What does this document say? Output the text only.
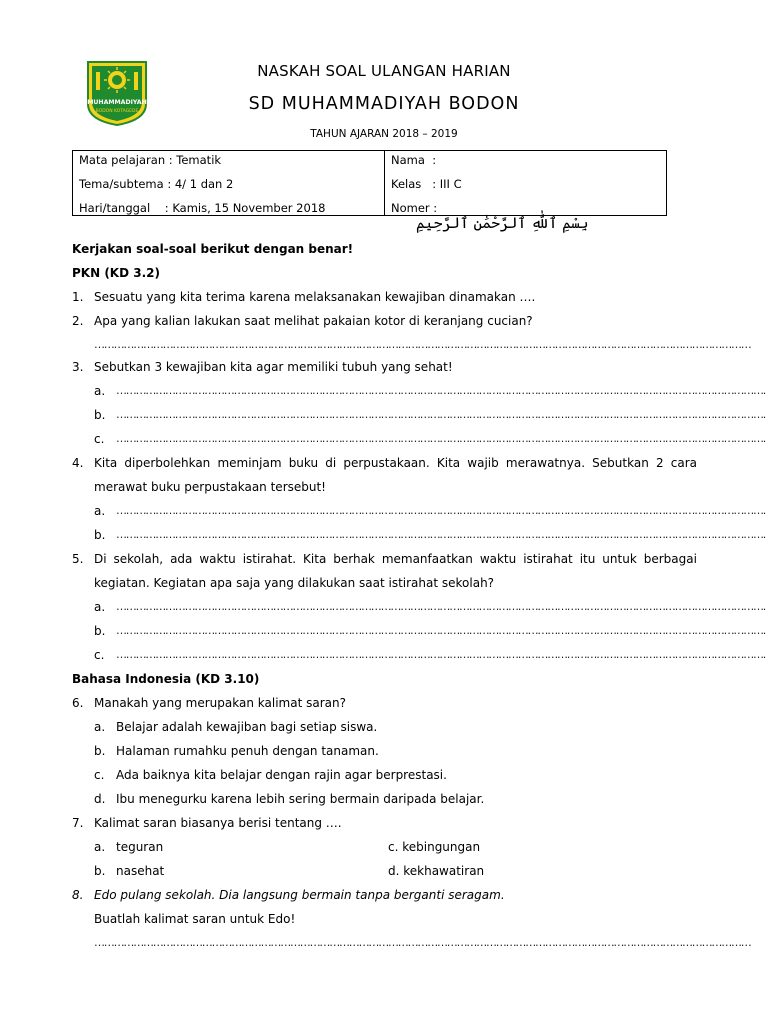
MUHAMMADIYAH
BODON KOTAGEDE
NASKAH SOAL ULANGAN HARIAN
SD MUHAMMADIYAH BODON
TAHUN AJARAN 2018 – 2019
Mata pelajaran : Tematik
Tema/subtema : 4/ 1 dan 2
Hari/tanggal    : Kamis, 15 November 2018
Nama  :
Kelas   : III C
Nomer :
بِسْمِ ٱللَّٰهِ ٱلرَّحْمَٰنِ ٱلرَّحِيمِ
Kerjakan soal-soal berikut dengan benar!
PKN (KD 3.2)
1. Sesuatu yang kita terima karena melaksanakan kewajiban dinamakan ….
2. Apa yang kalian lakukan saat melihat pakaian kotor di keranjang cucian?
…………………………………………………………………………………………………………………………………………………………………………………
3. Sebutkan 3 kewajiban kita agar memiliki tubuh yang sehat!
a. ……………………………………………………………………………………………………………………………………………………………………………….
b. ……………………………………………………………………………………………………………………………………………………………………………….
c. ……………………………………………………………………………………………………………………………………………………………………………….
4. Kita diperbolehkan meminjam buku di perpustakaan. Kita wajib merawatnya. Sebutkan 2 cara
merawat buku perpustakaan tersebut!
a. ……………………………………………………………………………………………………………………………………………………………………………….
b. ……………………………………………………………………………………………………………………………………………………………………………….
5. Di sekolah, ada waktu istirahat. Kita berhak memanfaatkan waktu istirahat itu untuk berbagai
kegiatan. Kegiatan apa saja yang dilakukan saat istirahat sekolah?
a. ……………………………………………………………………………………………………………………………………………………………………………….
b. ……………………………………………………………………………………………………………………………………………………………………………….
c. ……………………………………………………………………………………………………………………………………………………………………………….
Bahasa Indonesia (KD 3.10)
6. Manakah yang merupakan kalimat saran?
a. Belajar adalah kewajiban bagi setiap siswa.
b. Halaman rumahku penuh dengan tanaman.
c. Ada baiknya kita belajar dengan rajin agar berprestasi.
d. Ibu menegurku karena lebih sering bermain daripada belajar.
7. Kalimat saran biasanya berisi tentang ….
a. teguran	c. kebingungan
b. nasehat	d. kekhawatiran
8. Edo pulang sekolah. Dia langsung bermain tanpa berganti seragam.
Buatlah kalimat saran untuk Edo!
…………………………………………………………………………………………………………………………………………………………………………………
